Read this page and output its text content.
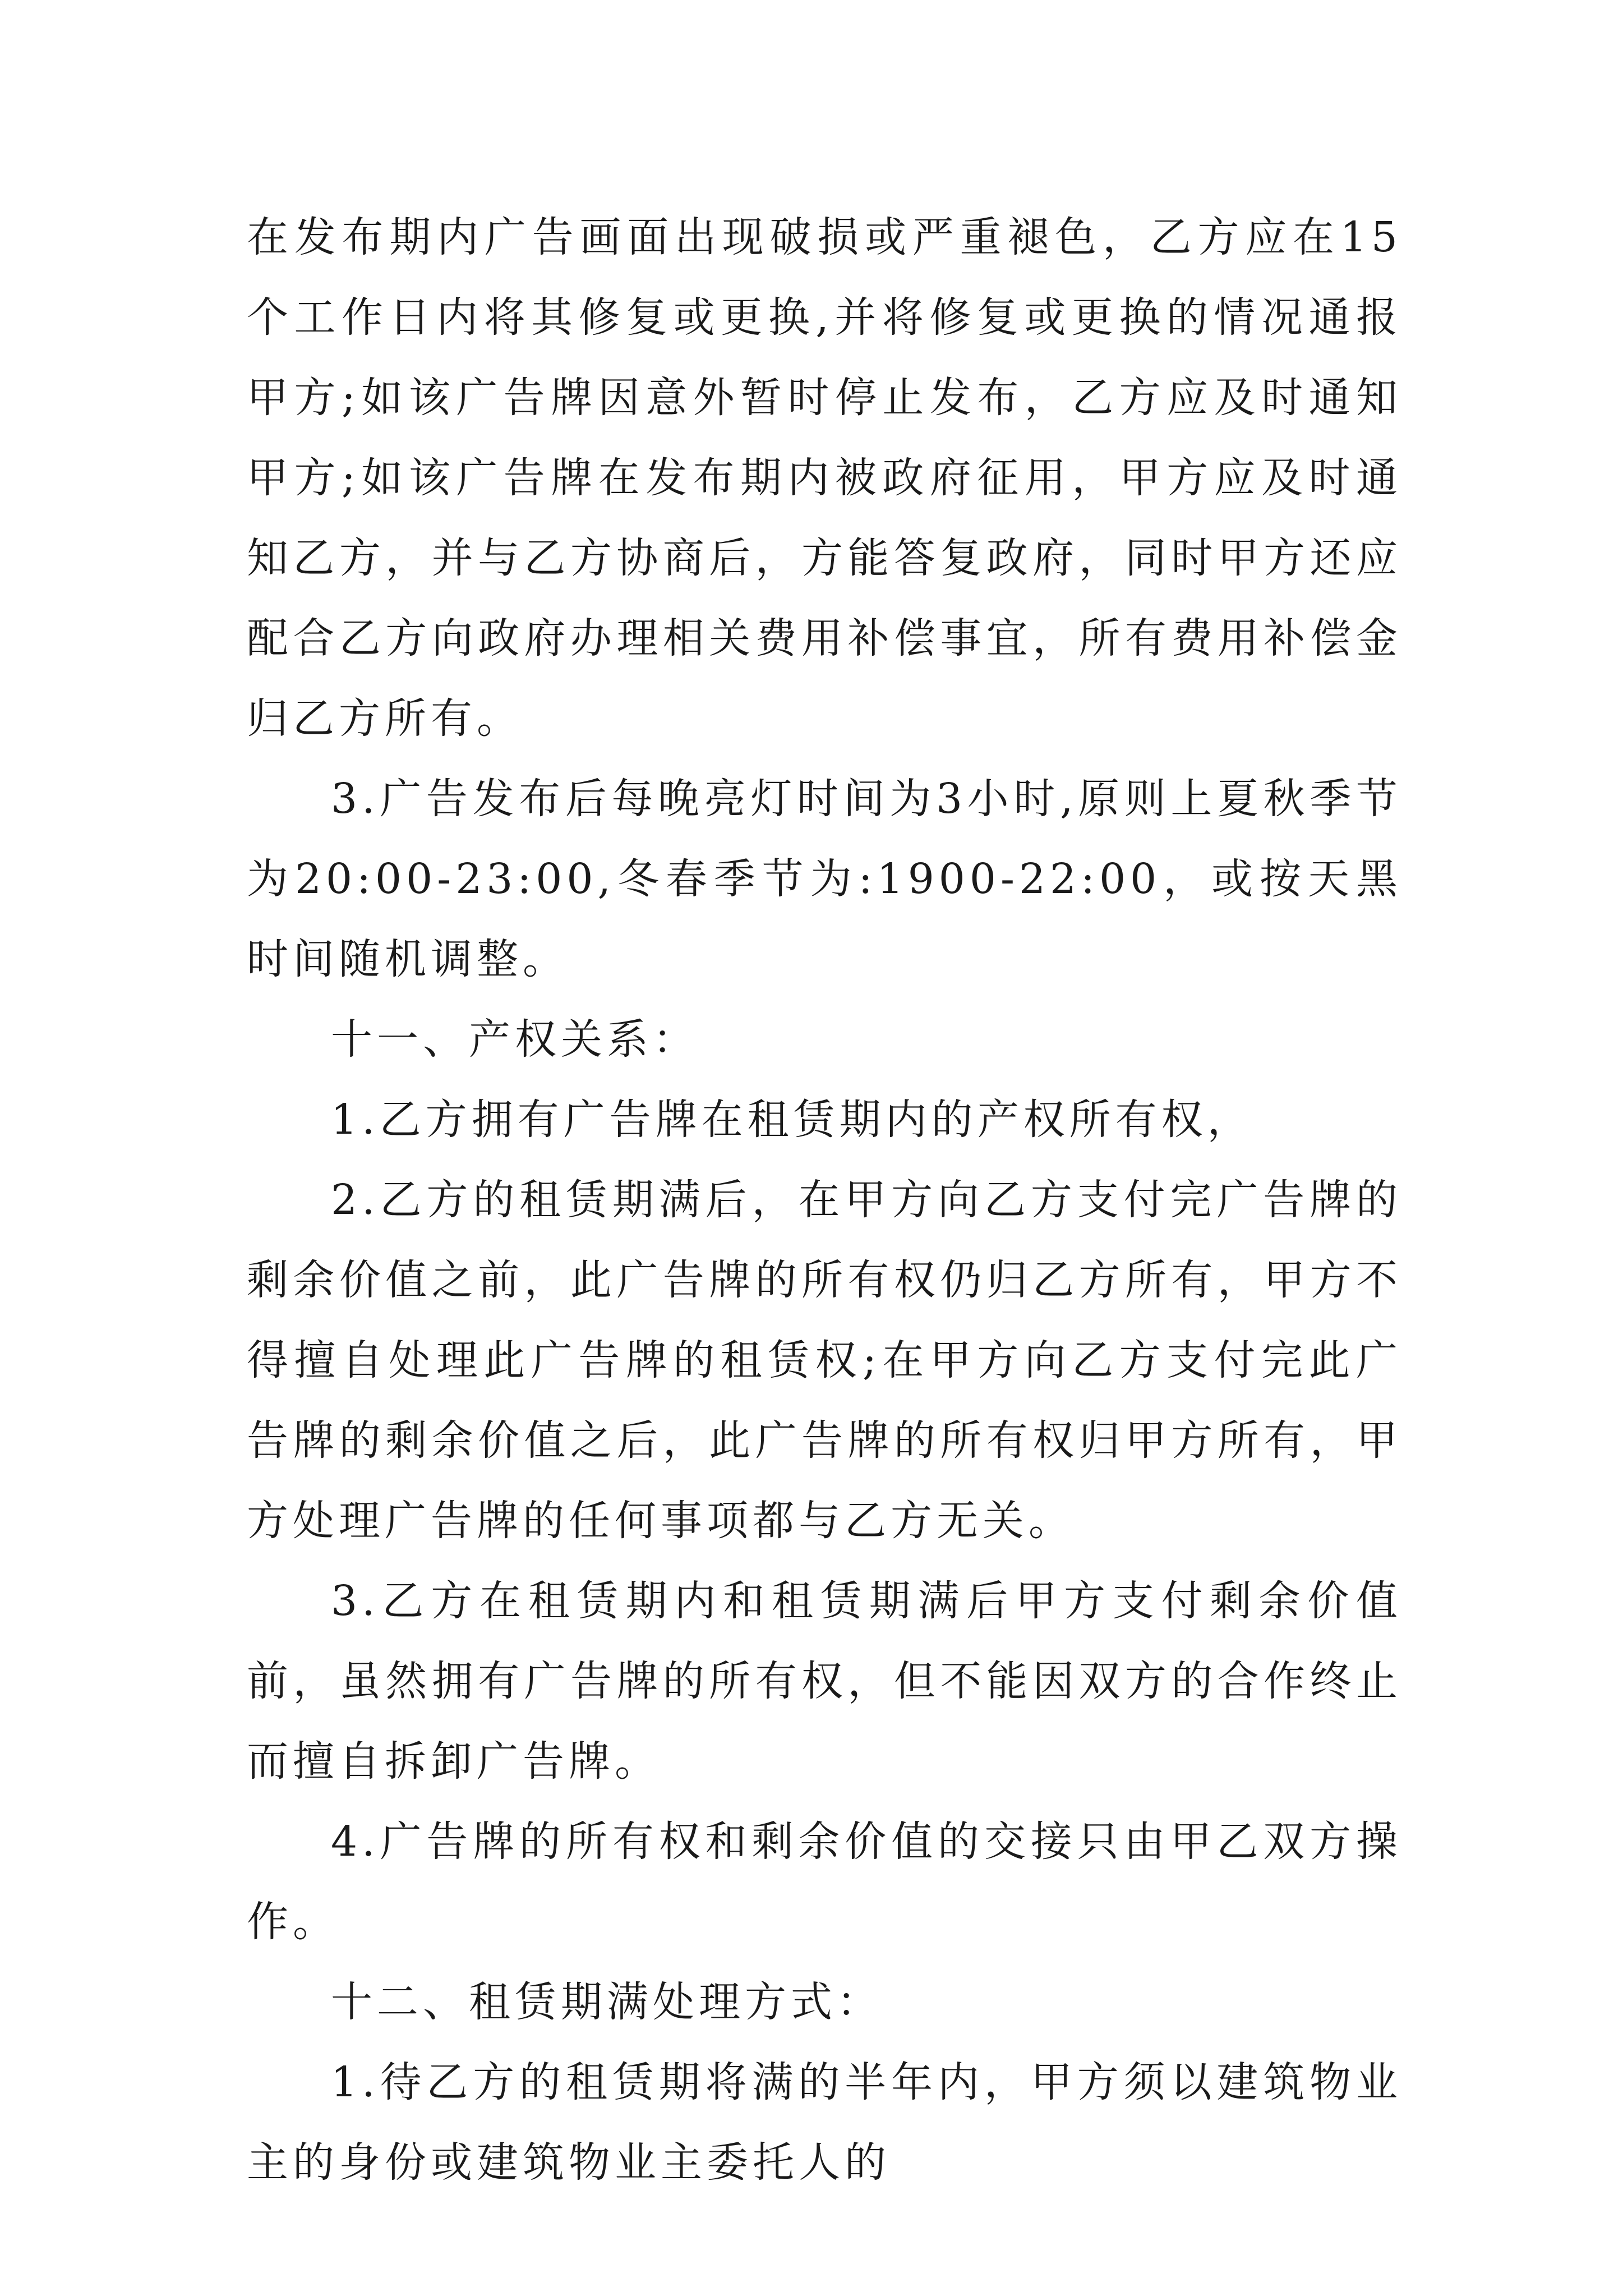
在发布期内广告画面出现破损或严重褪色，乙方应在15个工作日内将其修复或更换,并将修复或更换的情况通报甲方;如该广告牌因意外暂时停止发布，乙方应及时通知甲方;如该广告牌在发布期内被政府征用，甲方应及时通知乙方，并与乙方协商后，方能答复政府，同时甲方还应配合乙方向政府办理相关费用补偿事宜，所有费用补偿金归乙方所有。

3.广告发布后每晚亮灯时间为3小时,原则上夏秋季节为20:00-23:00,冬春季节为:1900-22:00，或按天黑时间随机调整。

十一、产权关系：

1.乙方拥有广告牌在租赁期内的产权所有权，

2.乙方的租赁期满后，在甲方向乙方支付完广告牌的剩余价值之前，此广告牌的所有权仍归乙方所有，甲方不得擅自处理此广告牌的租赁权;在甲方向乙方支付完此广告牌的剩余价值之后，此广告牌的所有权归甲方所有，甲方处理广告牌的任何事项都与乙方无关。

3.乙方在租赁期内和租赁期满后甲方支付剩余价值前，虽然拥有广告牌的所有权，但不能因双方的合作终止而擅自拆卸广告牌。

4.广告牌的所有权和剩余价值的交接只由甲乙双方操作。

十二、租赁期满处理方式：

1.待乙方的租赁期将满的半年内，甲方须以建筑物业主的身份或建筑物业主委托人的
